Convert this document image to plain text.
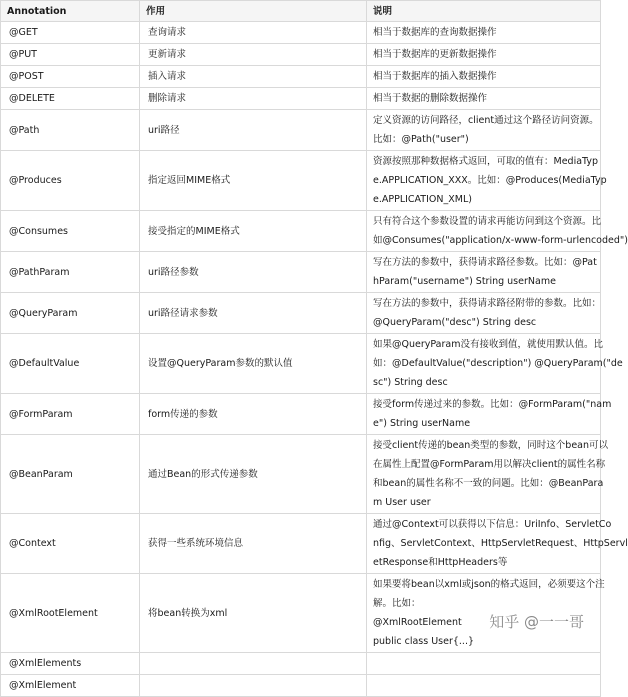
Annotation	作用	说明
@GET	查询请求	相当于数据库的查询数据操作

@PUT	更新请求	相当于数据库的更新数据操作

@POST	插入请求	相当于数据库的插入数据操作

@DELETE	删除请求	相当于数据的删除数据操作

@Path	uri路径	定义资源的访问路径，client通过这个路径访问资源。
比如：@Path("user")

@Produces	指定返回MIME格式	资源按照那种数据格式返回，可取的值有：MediaTyp
e.APPLICATION_XXX。比如：@Produces(MediaTyp
e.APPLICATION_XML)

@Consumes	接受指定的MIME格式	只有符合这个参数设置的请求再能访问到这个资源。比
如@Consumes("application/x-www-form-urlencoded")

@PathParam	uri路径参数	写在方法的参数中，获得请求路径参数。比如：@Pat
hParam("username") String userName

@QueryParam	uri路径请求参数	写在方法的参数中，获得请求路径附带的参数。比如：
@QueryParam("desc") String desc

@DefaultValue	设置@QueryParam参数的默认值	如果@QueryParam没有接收到值，就使用默认值。比
如：@DefaultValue("description") @QueryParam("de
sc") String desc

@FormParam	form传递的参数	接受form传递过来的参数。比如：@FormParam("nam
e") String userName

@BeanParam	通过Bean的形式传递参数	接受client传递的bean类型的参数，同时这个bean可以
在属性上配置@FormParam用以解决client的属性名称
和bean的属性名称不一致的问题。比如：@BeanPara
m User user

@Context	获得一些系统环境信息	通过@Context可以获得以下信息：UriInfo、ServletCo
nfig、ServletContext、HttpServletRequest、HttpServl
etResponse和HttpHeaders等

@XmlRootElement	将bean转换为xml	如果要将bean以xml或json的格式返回，必须要这个注
解。比如：
@XmlRootElement
public class User{...}

@XmlElements		

@XmlElement		
知乎 @一一哥
